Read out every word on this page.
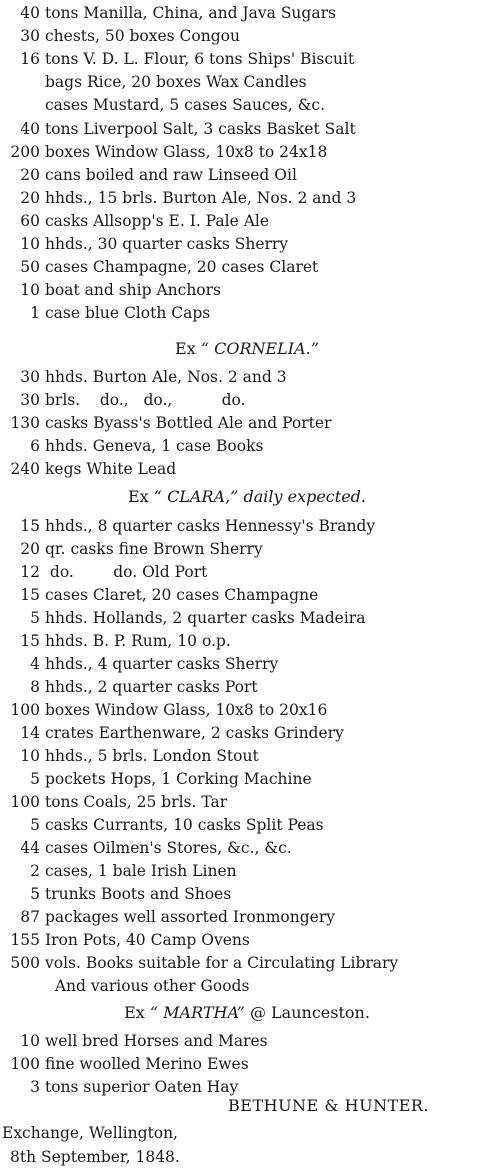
40 tons Manilla, China, and Java Sugars
30 chests, 50 boxes Congou
16 tons V. D. L. Flour, 6 tons Ships' Biscuit
bags Rice, 20 boxes Wax Candles
cases Mustard, 5 cases Sauces, &c.
40 tons Liverpool Salt, 3 casks Basket Salt
200 boxes Window Glass, 10x8 to 24x18
20 cans boiled and raw Linseed Oil
20 hhds., 15 brls. Burton Ale, Nos. 2 and 3
60 casks Allsopp's E. I. Pale Ale
10 hhds., 30 quarter casks Sherry
50 cases Champagne, 20 cases Claret
10 boat and ship Anchors
1 case blue Cloth Caps
Ex “ CORNELIA.”
30 hhds. Burton Ale, Nos. 2 and 3
30 brls.    do.,   do.,          do.
130 casks Byass's Bottled Ale and Porter
6 hhds. Geneva, 1 case Books
240 kegs White Lead
Ex “ CLARA,” daily expected.
15 hhds., 8 quarter casks Hennessy's Brandy
20 qr. casks fine Brown Sherry
12 do.        do. Old Port
15 cases Claret, 20 cases Champagne
5 hhds. Hollands, 2 quarter casks Madeira
15 hhds. B. P. Rum, 10 o.p.
4 hhds., 4 quarter casks Sherry
8 hhds., 2 quarter casks Port
100 boxes Window Glass, 10x8 to 20x16
14 crates Earthenware, 2 casks Grindery
10 hhds., 5 brls. London Stout
5 pockets Hops, 1 Corking Machine
100 tons Coals, 25 brls. Tar
5 casks Currants, 10 casks Split Peas
44 cases Oilmen's Stores, &c., &c.
2 cases, 1 bale Irish Linen
5 trunks Boots and Shoes
87 packages well assorted Ironmongery
155 Iron Pots, 40 Camp Ovens
500 vols. Books suitable for a Circulating Library
And various other Goods
Ex “ MARTHA” @ Launceston.
10 well bred Horses and Mares
100 fine woolled Merino Ewes
3 tons superior Oaten Hay
BETHUNE & HUNTER.
Exchange, Wellington,
8th September, 1848.
